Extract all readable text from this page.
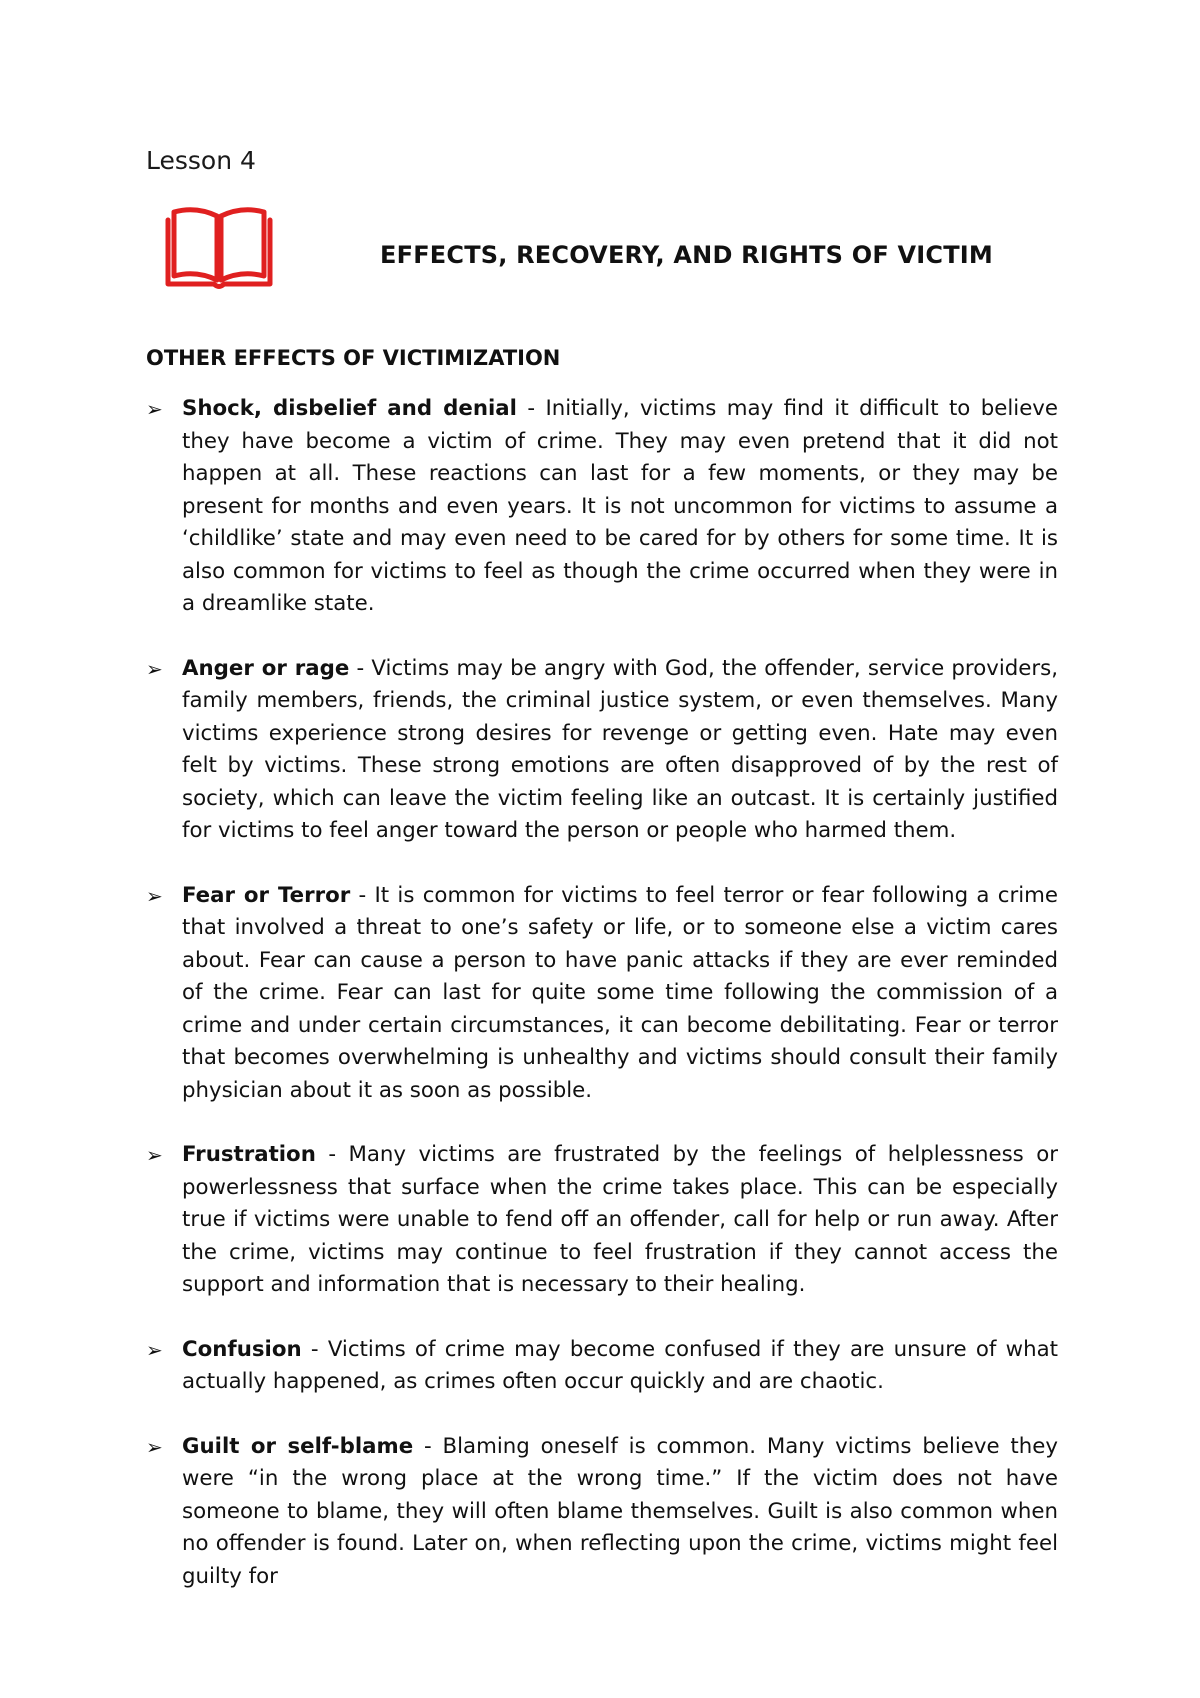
Lesson 4
EFFECTS, RECOVERY, AND RIGHTS OF VICTIM
OTHER EFFECTS OF VICTIMIZATION
➢ Shock, disbelief and denial - Initially, victims may find it difficult to believe they have become a victim of crime. They may even pretend that it did not happen at all. These reactions can last for a few moments, or they may be present for months and even years. It is not uncommon for victims to assume a ‘childlike’ state and may even need to be cared for by others for some time. It is also common for victims to feel as though the crime occurred when they were in a dreamlike state.

➢ Anger or rage - Victims may be angry with God, the offender, service providers, family members, friends, the criminal justice system, or even themselves. Many victims experience strong desires for revenge or getting even. Hate may even felt by victims. These strong emotions are often disapproved of by the rest of society, which can leave the victim feeling like an outcast. It is certainly justified for victims to feel anger toward the person or people who harmed them.

➢ Fear or Terror - It is common for victims to feel terror or fear following a crime that involved a threat to one’s safety or life, or to someone else a victim cares about. Fear can cause a person to have panic attacks if they are ever reminded of the crime. Fear can last for quite some time following the commission of a crime and under certain circumstances, it can become debilitating. Fear or terror that becomes overwhelming is unhealthy and victims should consult their family physician about it as soon as possible.

➢ Frustration - Many victims are frustrated by the feelings of helplessness or powerlessness that surface when the crime takes place. This can be especially true if victims were unable to fend off an offender, call for help or run away. After the crime, victims may continue to feel frustration if they cannot access the support and information that is necessary to their healing.

➢ Confusion - Victims of crime may become confused if they are unsure of what actually happened, as crimes often occur quickly and are chaotic.

➢ Guilt or self-blame - Blaming oneself is common. Many victims believe they were “in the wrong place at the wrong time.” If the victim does not have someone to blame, they will often blame themselves. Guilt is also common when no offender is found. Later on, when reflecting upon the crime, victims might feel guilty for
